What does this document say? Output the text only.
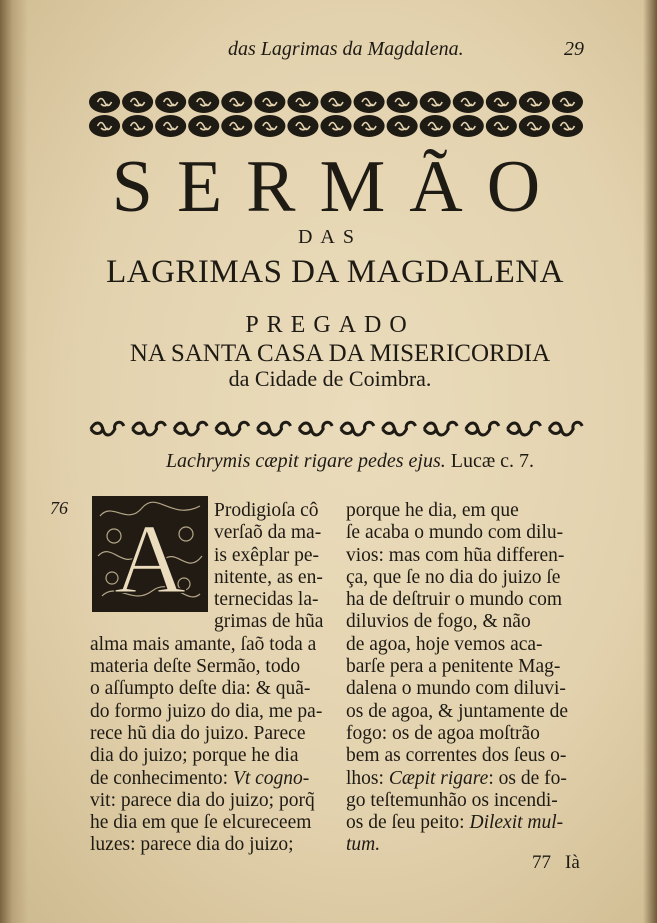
das Lagrimas da Magdalena.	29
SERMÃO
DAS
LAGRIMAS DA MAGDALENA
PREGADO
NA SANTA CASA DA MISERICORDIA
da Cidade de Coimbra.
Lachrymis cæpit rigare pedes ejus. Lucæ c. 7.
76 A	Prodigioſa cô
verſaõ da ma-
is exêplar pe-
nitente, as en-
ternecidas la-
grimas de hũa
alma mais amante, ſaõ toda a
materia deſte Sermão, todo
o aſſumpto deſte dia: & quã-
do formo juizo do dia, me pa-
rece hũ dia do juizo. Parece
dia do juizo; porque he dia
de conhecimento: Vt cogno-
vit: parece dia do juizo; porq̃
he dia em que ſe elcureceem
luzes: parece dia do juizo;
porque he dia, em que
ſe acaba o mundo com dilu-
vios: mas com hũa differen-
ça, que ſe no dia do juizo ſe
ha de deſtruir o mundo com
diluvios de fogo, & não
de agoa, hoje vemos aca-
barſe pera a penitente Mag-
dalena o mundo com diluvi-
os de agoa, & juntamente de
fogo: os de agoa moſtrão
bem as correntes dos ſeus o-
lhos: Cæpit rigare: os de fo-
go teſtemunhão os incendi-
os de ſeu peito: Dilexit mul-
tum.
77 Ià
